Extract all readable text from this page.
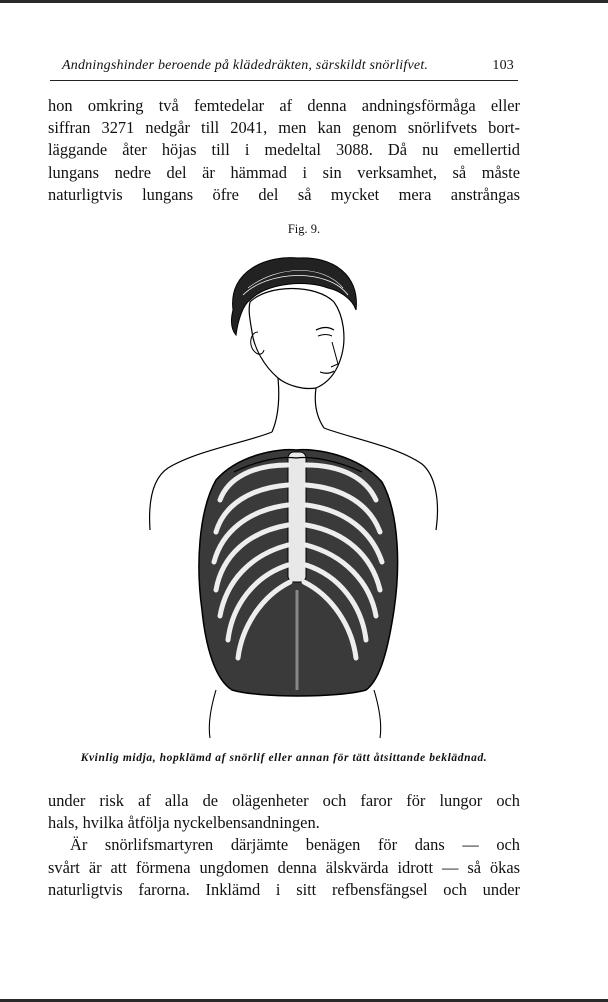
Andningshinder beroende på klädedräkten, särskildt snörlifvet.	103
hon omkring två femtedelar af denna andningsförmåga eller
siffran 3271 nedgår till 2041, men kan genom snörlifvets bort-
läggande åter höjas till i medeltal 3088. Då nu emellertid
lungans nedre del är hämmad i sin verksamhet, så måste
naturligtvis lungans öfre del så mycket mera anstrångas
Fig. 9.
Kvinlig midja, hopklämd af snörlif eller annan för tätt åtsittande beklädnad.
under risk af alla de olägenheter och faror för lungor och
hals, hvilka åtfölja nyckelbensandningen.
Är snörlifsmartyren därjämte benägen för dans — och
svårt är att förmena ungdomen denna älskvärda idrott — så ökas
naturligtvis farorna. Inklämd i sitt refbensfängsel och under
